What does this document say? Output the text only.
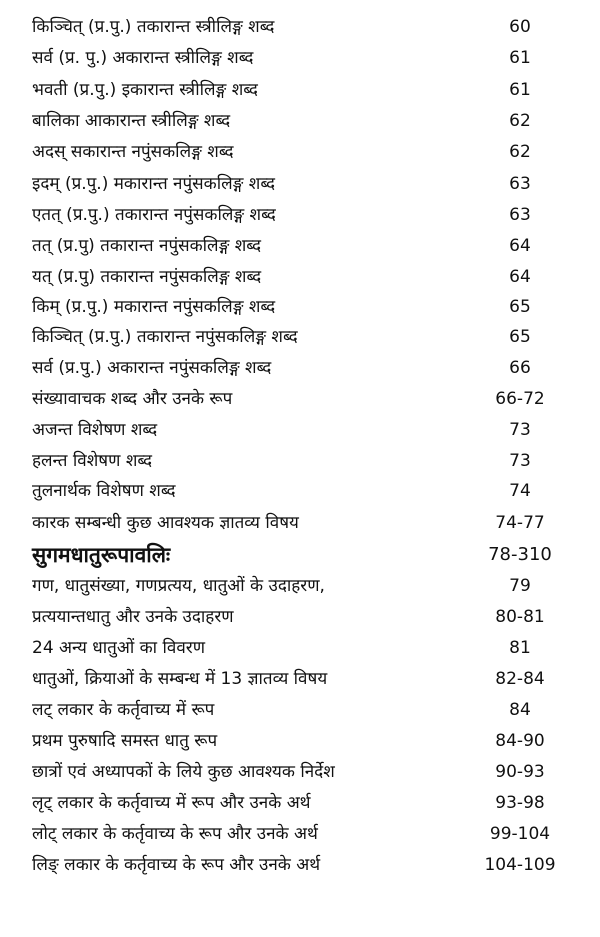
किञ्चित् (प्र.पु.) तकारान्त स्त्रीलिङ्ग शब्द	60
सर्व (प्र. पु.) अकारान्त स्त्रीलिङ्ग शब्द	61
भवती (प्र.पु.) इकारान्त स्त्रीलिङ्ग शब्द	61
बालिका आकारान्त स्त्रीलिङ्ग शब्द	62
अदस् सकारान्त नपुंसकलिङ्ग शब्द	62
इदम् (प्र.पु.) मकारान्त नपुंसकलिङ्ग शब्द	63
एतत् (प्र.पु.) तकारान्त नपुंसकलिङ्ग शब्द	63
तत् (प्र.पु) तकारान्त नपुंसकलिङ्ग शब्द	64
यत् (प्र.पु) तकारान्त नपुंसकलिङ्ग शब्द	64
किम् (प्र.पु.) मकारान्त नपुंसकलिङ्ग शब्द	65
किञ्चित् (प्र.पु.) तकारान्त नपुंसकलिङ्ग शब्द	65
सर्व (प्र.पु.) अकारान्त नपुंसकलिङ्ग शब्द	66
संख्यावाचक शब्द और उनके रूप	66-72
अजन्त विशेषण शब्द	73
हलन्त विशेषण शब्द	73
तुलनार्थक विशेषण शब्द	74
कारक सम्बन्धी कुछ आवश्यक ज्ञातव्य विषय	74-77
सुगमधातुरूपावलिः	78-310
गण, धातुसंख्या, गणप्रत्यय, धातुओं के उदाहरण,	79
प्रत्ययान्तधातु और उनके उदाहरण	80-81
24 अन्य धातुओं का विवरण	81
धातुओं, क्रियाओं के सम्बन्ध में 13 ज्ञातव्य विषय	82-84
लट् लकार के कर्तृवाच्य में रूप	84
प्रथम पुरुषादि समस्त धातु रूप	84-90
छात्रों एवं अध्यापकों के लिये कुछ आवश्यक निर्देश	90-93
लृट् लकार के कर्तृवाच्य में रूप और उनके अर्थ	93-98
लोट् लकार के कर्तृवाच्य के रूप और उनके अर्थ	99-104
लिङ् लकार के कर्तृवाच्य के रूप और उनके अर्थ	104-109
